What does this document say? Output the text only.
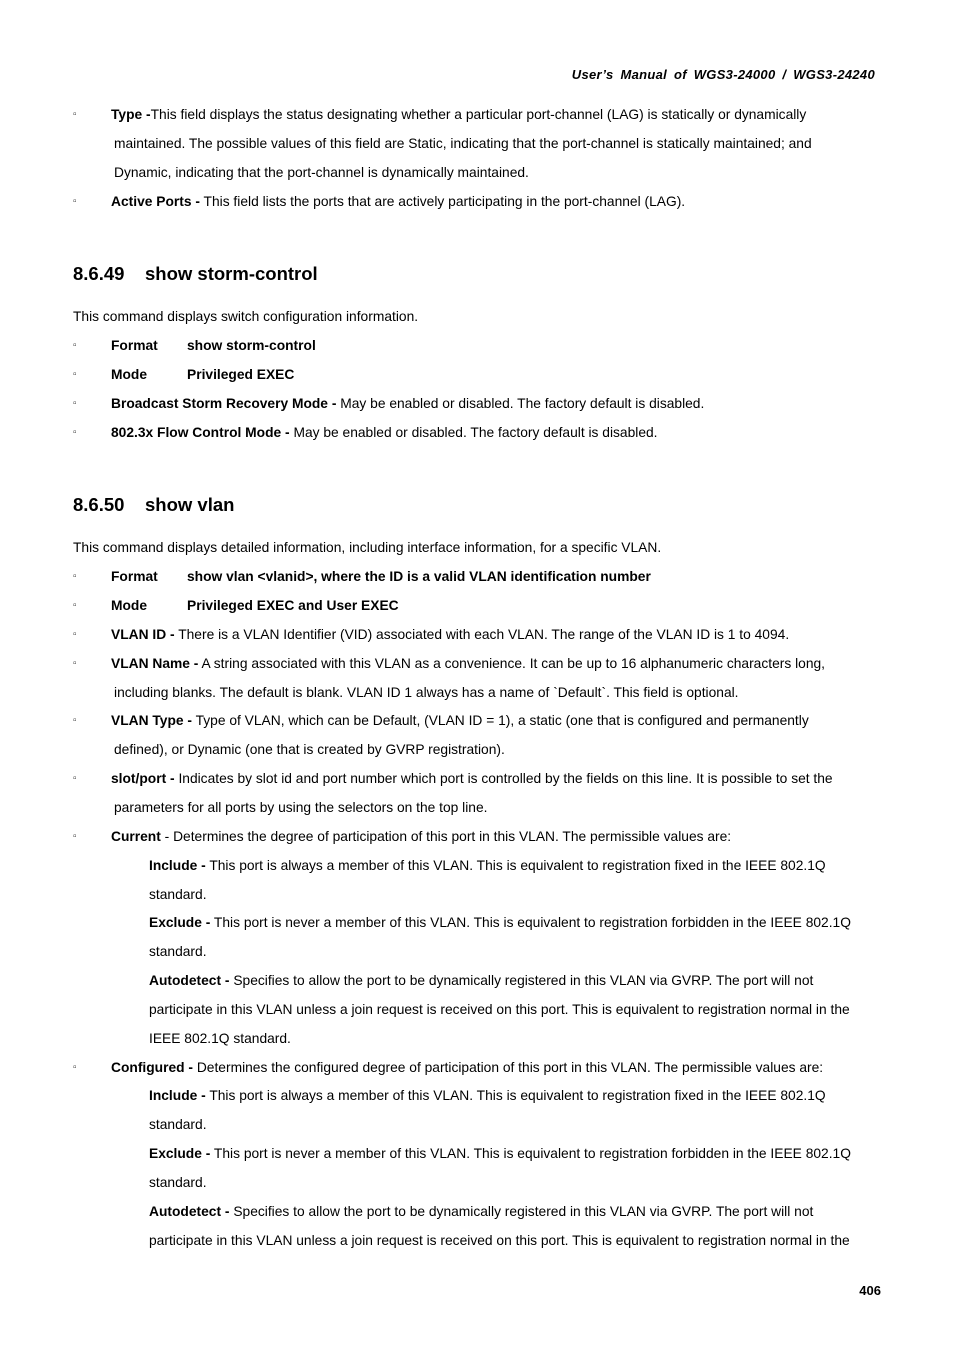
User’s Manual of WGS3-24000 / WGS3-24240
▫ Type -This field displays the status designating whether a particular port-channel (LAG) is statically or dynamically
maintained. The possible values of this field are Static, indicating that the port-channel is statically maintained; and
Dynamic, indicating that the port-channel is dynamically maintained.
▫ Active Ports - This field lists the ports that are actively participating in the port-channel (LAG).
8.6.49 show storm-control
This command displays switch configuration information.
▫ Format show storm-control
▫ Mode	Privileged EXEC
▫ Broadcast Storm Recovery Mode - May be enabled or disabled. The factory default is disabled.
▫ 802.3x Flow Control Mode - May be enabled or disabled. The factory default is disabled.
8.6.50 show vlan
This command displays detailed information, including interface information, for a specific VLAN.
▫ Format show vlan <vlanid>, where the ID is a valid VLAN identification number
▫ Mode	Privileged EXEC and User EXEC
▫ VLAN ID - There is a VLAN Identifier (VID) associated with each VLAN. The range of the VLAN ID is 1 to 4094.
▫ VLAN Name - A string associated with this VLAN as a convenience. It can be up to 16 alphanumeric characters long,
including blanks. The default is blank. VLAN ID 1 always has a name of `Default`. This field is optional.
▫ VLAN Type - Type of VLAN, which can be Default, (VLAN ID = 1), a static (one that is configured and permanently
defined), or Dynamic (one that is created by GVRP registration).
▫ slot/port - Indicates by slot id and port number which port is controlled by the fields on this line. It is possible to set the
parameters for all ports by using the selectors on the top line.
▫ Current - Determines the degree of participation of this port in this VLAN. The permissible values are:
Include - This port is always a member of this VLAN. This is equivalent to registration fixed in the IEEE 802.1Q
standard.
Exclude - This port is never a member of this VLAN. This is equivalent to registration forbidden in the IEEE 802.1Q
standard.
Autodetect - Specifies to allow the port to be dynamically registered in this VLAN via GVRP. The port will not
participate in this VLAN unless a join request is received on this port. This is equivalent to registration normal in the
IEEE 802.1Q standard.
▫ Configured - Determines the configured degree of participation of this port in this VLAN. The permissible values are:
Include - This port is always a member of this VLAN. This is equivalent to registration fixed in the IEEE 802.1Q
standard.
Exclude - This port is never a member of this VLAN. This is equivalent to registration forbidden in the IEEE 802.1Q
standard.
Autodetect - Specifies to allow the port to be dynamically registered in this VLAN via GVRP. The port will not
participate in this VLAN unless a join request is received on this port. This is equivalent to registration normal in the
406
